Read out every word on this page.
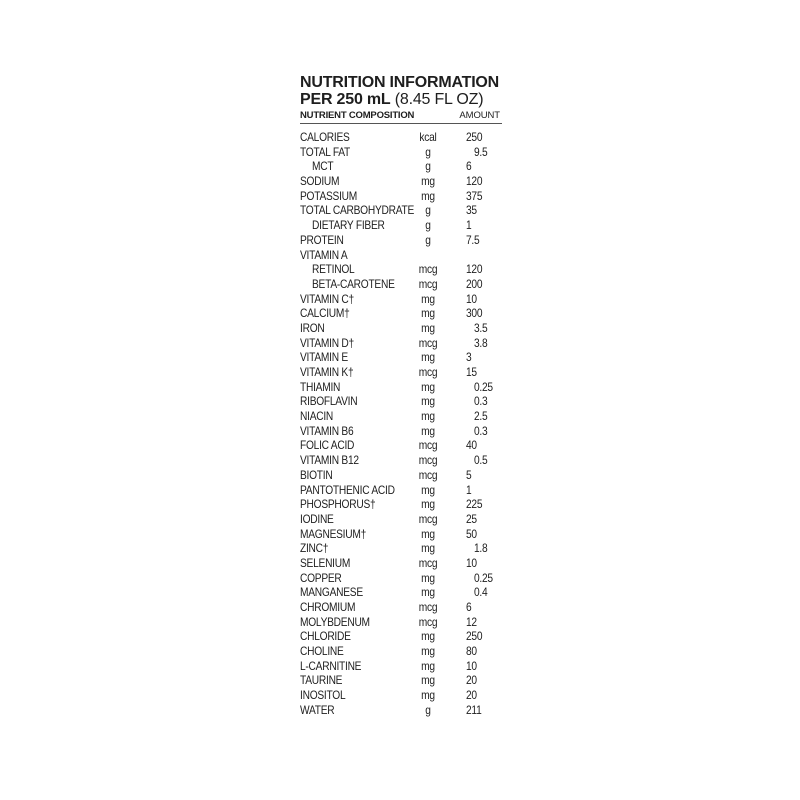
NUTRITION INFORMATION
PER 250 mL (8.45 FL OZ)
NUTRIENT COMPOSITION	AMOUNT
CALORIES	kcal	250
TOTAL FAT	g	9.5
MCT	g	6
SODIUM	mg	120
POTASSIUM	mg	375
TOTAL CARBOHYDRATE g	35
DIETARY FIBER	g	1
PROTEIN	g	7.5
VITAMIN A
RETINOL	mcg	120
BETA-CAROTENE	mcg	200
VITAMIN C†	mg	10
CALCIUM†	mg	300
IRON	mg	3.5
VITAMIN D†	mcg	3.8
VITAMIN E	mg	3
VITAMIN K†	mcg	15
THIAMIN	mg	0.25
RIBOFLAVIN	mg	0.3
NIACIN	mg	2.5
VITAMIN B6	mg	0.3
FOLIC ACID	mcg	40
VITAMIN B12	mcg	0.5
BIOTIN	mcg	5
PANTOTHENIC ACID	mg	1
PHOSPHORUS†	mg	225
IODINE	mcg	25
MAGNESIUM†	mg	50
ZINC†	mg	1.8
SELENIUM	mcg	10
COPPER	mg	0.25
MANGANESE	mg	0.4
CHROMIUM	mcg	6
MOLYBDENUM	mcg	12
CHLORIDE	mg	250
CHOLINE	mg	80
L-CARNITINE	mg	10
TAURINE	mg	20
INOSITOL	mg	20
WATER	g	211
